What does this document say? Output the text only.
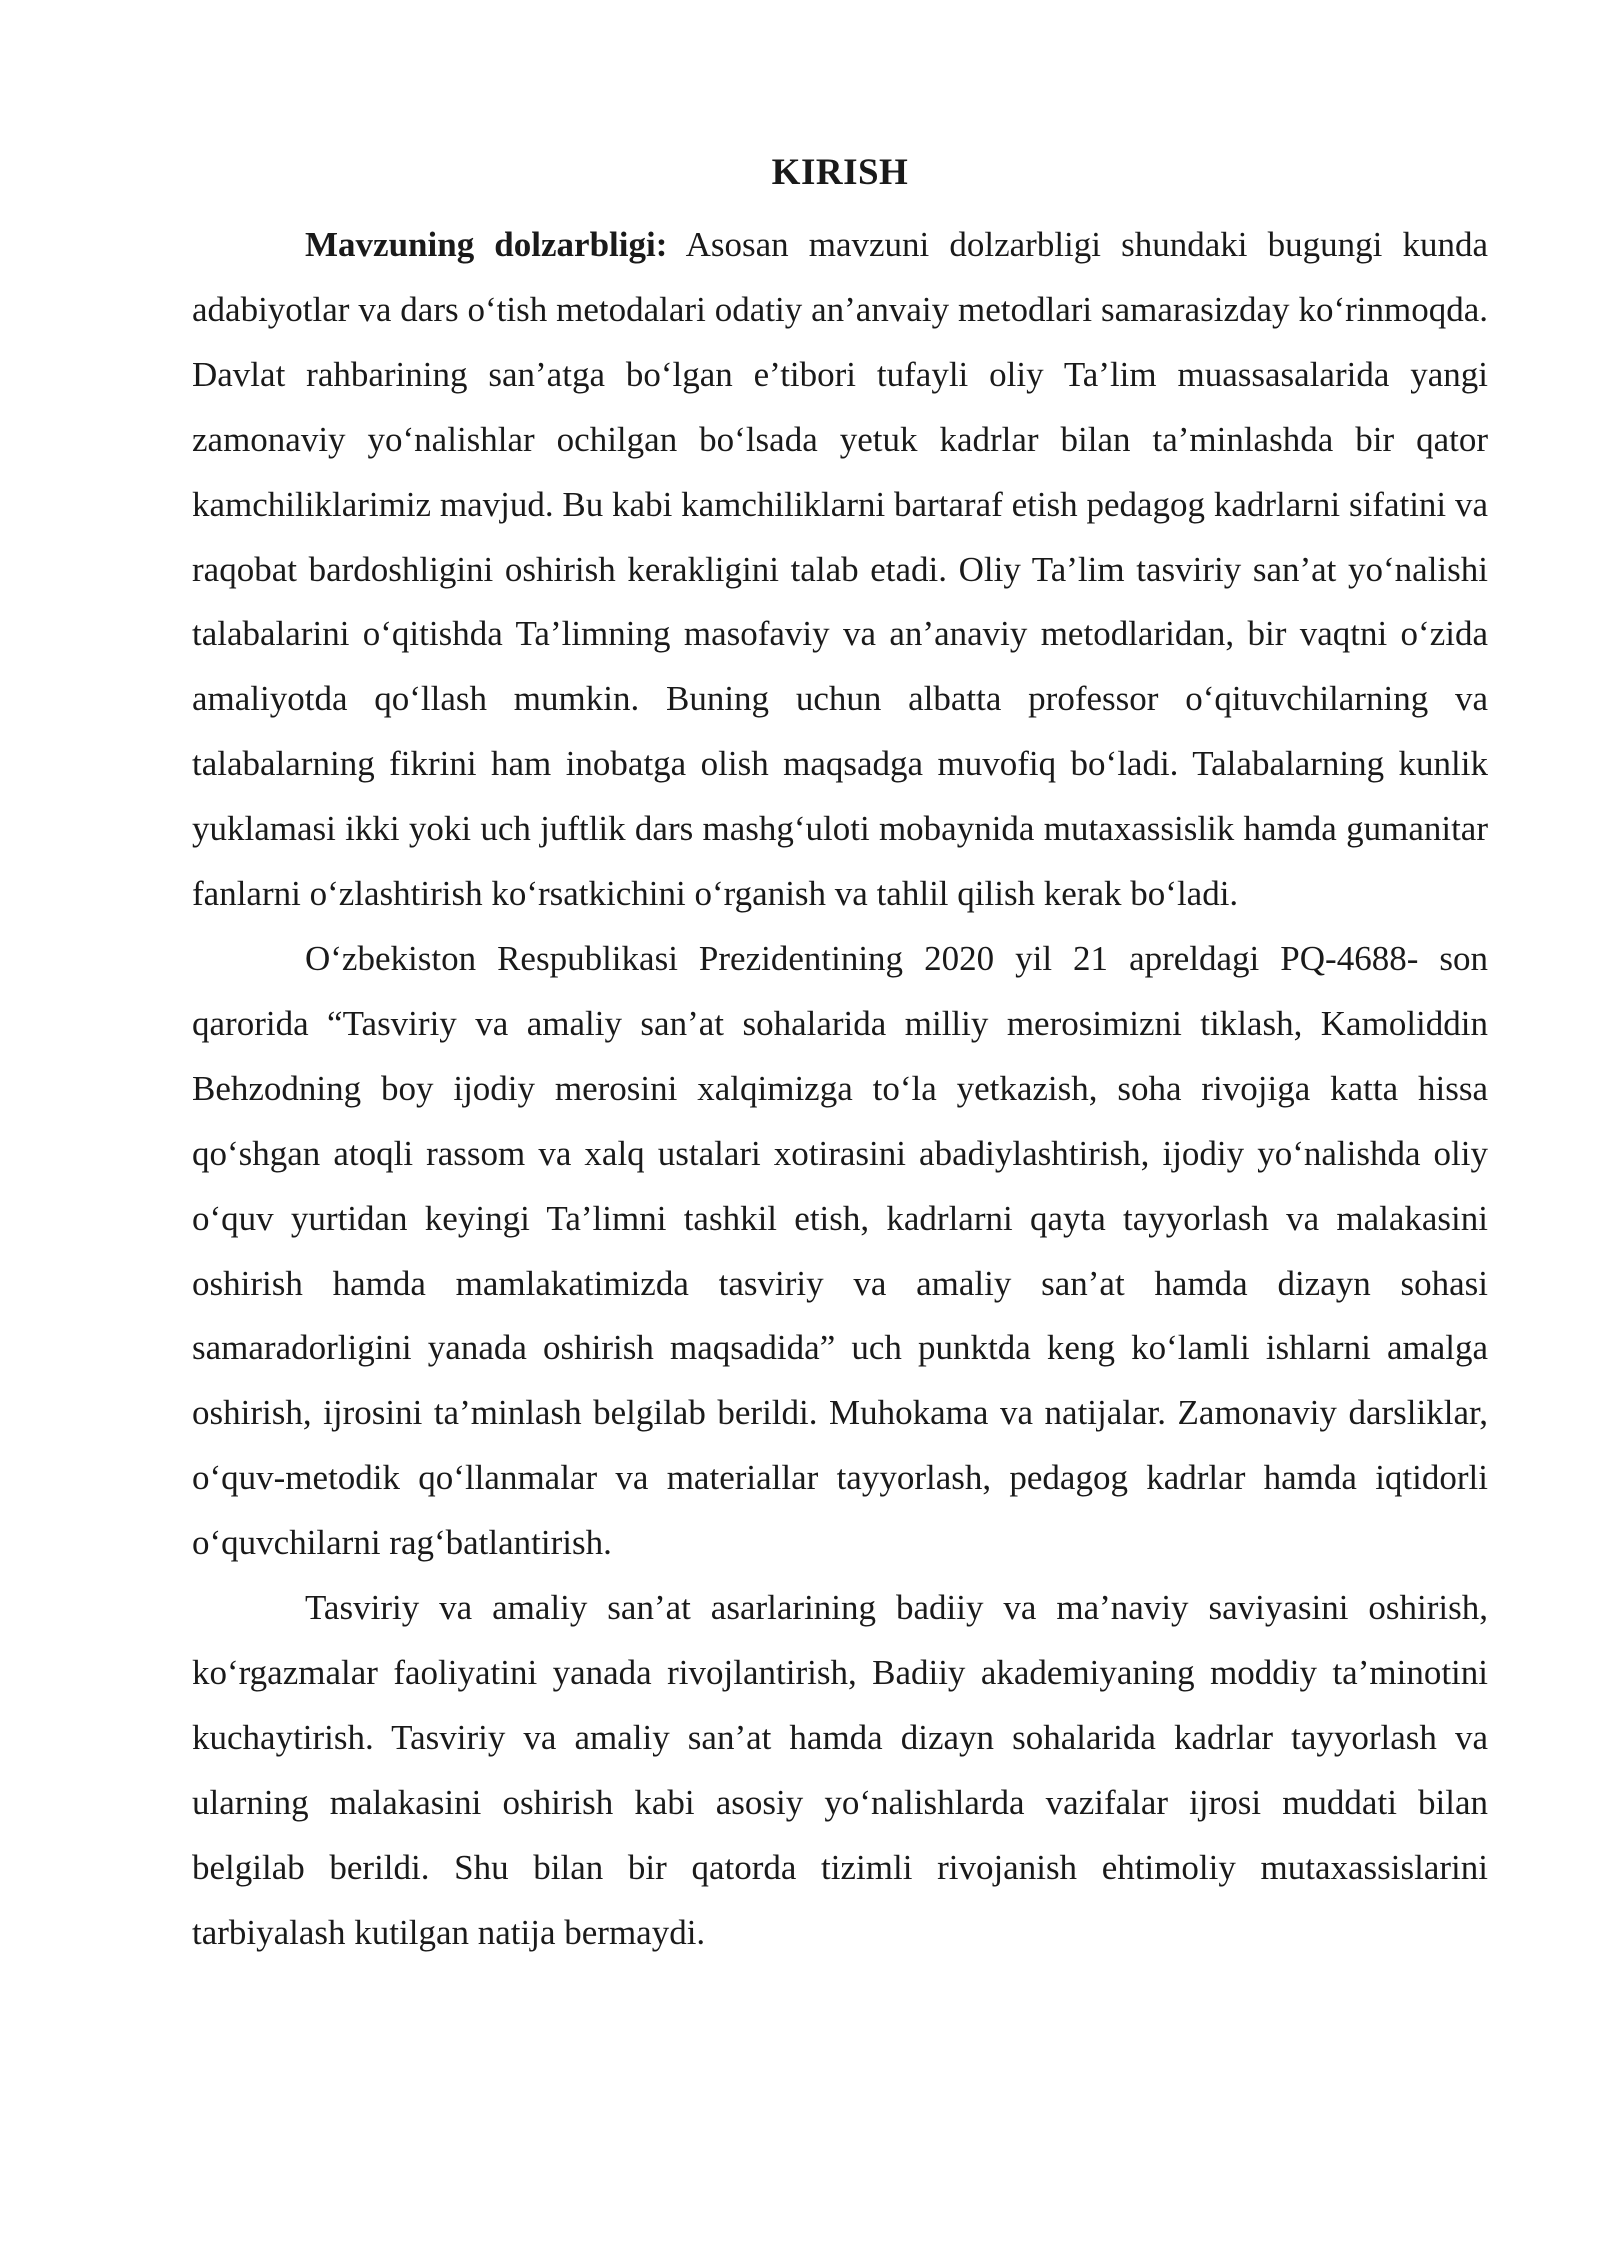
KIRISH

Mavzuning dolzarbligi: Asosan mavzuni dolzarbligi shundaki bugungi kunda adabiyotlar va dars o‘tish metodalari odatiy an’anvaiy metodlari samarasizday ko‘rinmoqda. Davlat rahbarining san’atga bo‘lgan e’tibori tufayli oliy Ta’lim muassasalarida yangi zamonaviy yo‘nalishlar ochilgan bo‘lsada yetuk kadrlar bilan ta’minlashda bir qator kamchiliklarimiz mavjud. Bu kabi kamchiliklarni bartaraf etish pedagog kadrlarni sifatini va raqobat bardoshligini oshirish kerakligini talab etadi. Oliy Ta’lim tasviriy san’at yo‘nalishi talabalarini o‘qitishda Ta’limning masofaviy va an’anaviy metodlaridan, bir vaqtni o‘zida amaliyotda qo‘llash mumkin. Buning uchun albatta professor o‘qituvchilarning va talabalarning fikrini ham inobatga olish maqsadga muvofiq bo‘ladi. Talabalarning kunlik yuklamasi ikki yoki uch juftlik dars mashg‘uloti mobaynida mutaxassislik hamda gumanitar fanlarni o‘zlashtirish ko‘rsatkichini o‘rganish va tahlil qilish kerak bo‘ladi.

O‘zbekiston Respublikasi Prezidentining 2020 yil 21 apreldagi PQ-4688- son qarorida “Tasviriy va amaliy san’at sohalarida milliy merosimizni tiklash, Kamoliddin Behzodning boy ijodiy merosini xalqimizga to‘la yetkazish, soha rivojiga katta hissa qo‘shgan atoqli rassom va xalq ustalari xotirasini abadiylashtirish, ijodiy yo‘nalishda oliy o‘quv yurtidan keyingi Ta’limni tashkil etish, kadrlarni qayta tayyorlash va malakasini oshirish hamda mamlakatimizda tasviriy va amaliy san’at hamda dizayn sohasi samaradorligini yanada oshirish maqsadida” uch punktda keng ko‘lamli ishlarni amalga oshirish, ijrosini ta’minlash belgilab berildi. Muhokama va natijalar. Zamonaviy darsliklar, o‘quv-metodik qo‘llanmalar va materiallar tayyorlash, pedagog kadrlar hamda iqtidorli o‘quvchilarni rag‘batlantirish.

Tasviriy va amaliy san’at asarlarining badiiy va ma’naviy saviyasini oshirish, ko‘rgazmalar faoliyatini yanada rivojlantirish, Badiiy akademiyaning moddiy ta’minotini kuchaytirish. Tasviriy va amaliy san’at hamda dizayn sohalarida kadrlar tayyorlash va ularning malakasini oshirish kabi asosiy yo‘nalishlarda vazifalar ijrosi muddati bilan belgilab berildi. Shu bilan bir qatorda tizimli rivojanish ehtimoliy mutaxassislarini tarbiyalash kutilgan natija bermaydi.
